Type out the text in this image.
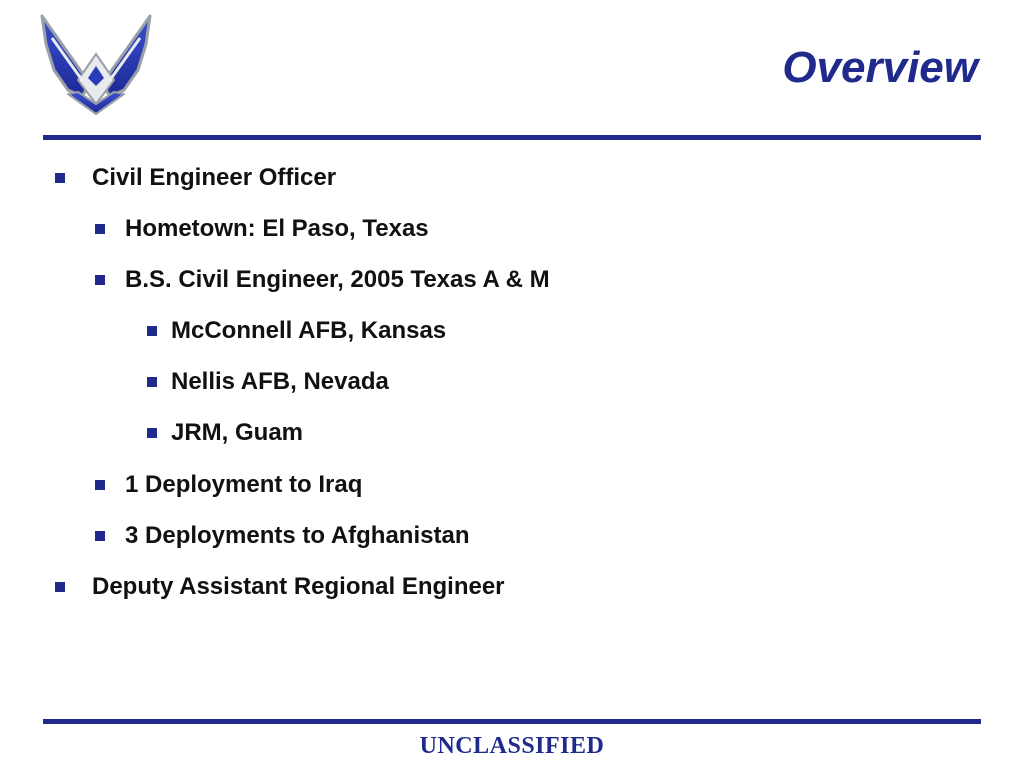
Overview
Civil Engineer Officer
Hometown: El Paso, Texas
B.S. Civil Engineer, 2005 Texas A & M
McConnell AFB, Kansas
Nellis AFB, Nevada
JRM, Guam
1 Deployment to Iraq
3 Deployments to Afghanistan
Deputy Assistant Regional Engineer
UNCLASSIFIED
